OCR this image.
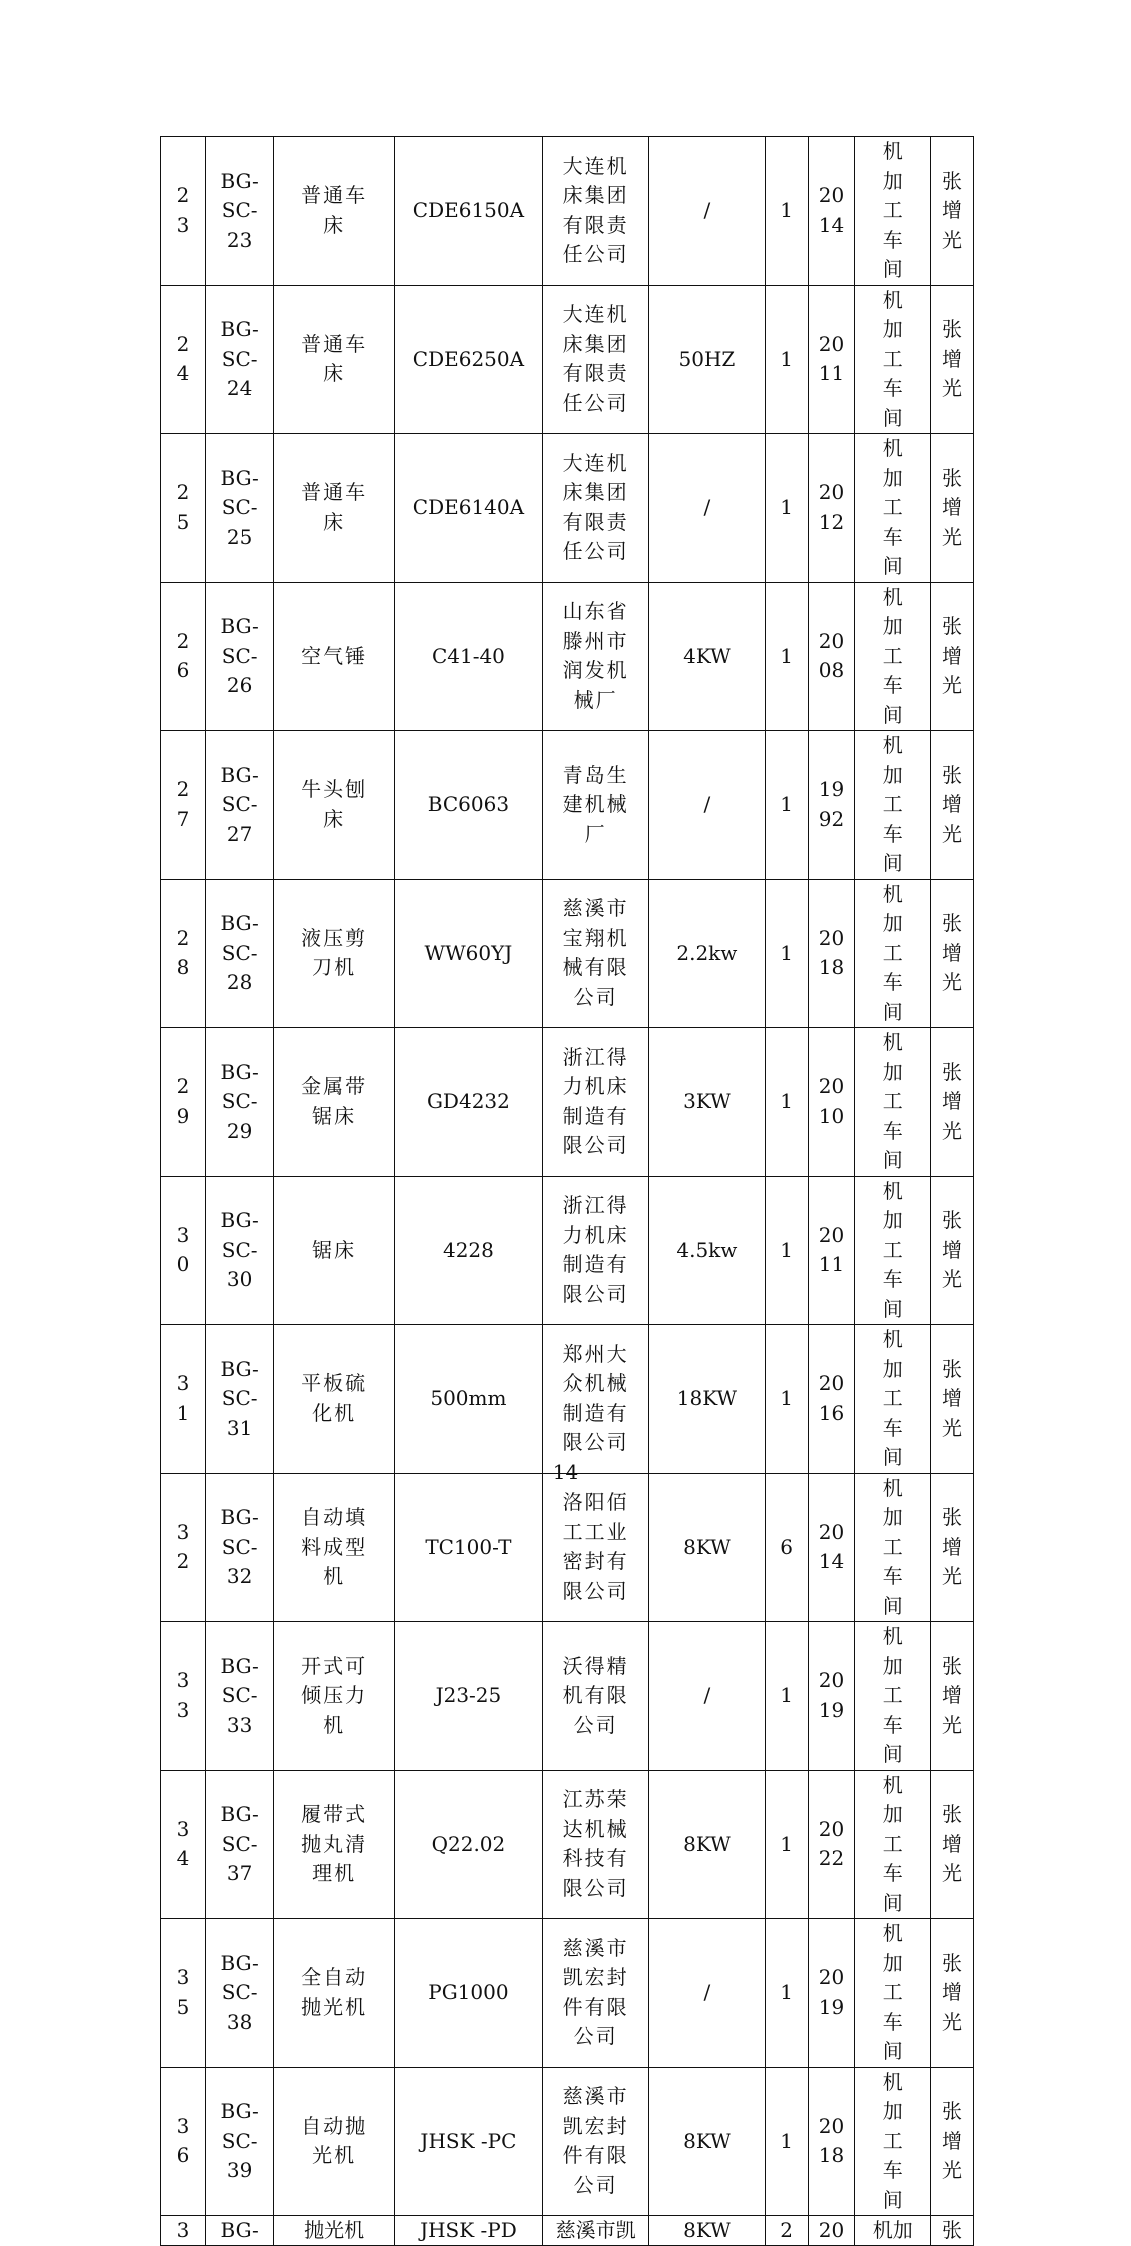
23	BG-SC-23	普通车床	CDE6150A	大连机床集团有限责任公司	/	1	2014	机加工车间	张增光
24	BG-SC-24	普通车床	CDE6250A	大连机床集团有限责任公司	50HZ	1	2011	机加工车间	张增光
25	BG-SC-25	普通车床	CDE6140A	大连机床集团有限责任公司	/	1	2012	机加工车间	张增光
26	BG-SC-26	空气锤	C41-40	山东省滕州市润发机械厂	4KW	1	2008	机加工车间	张增光
27	BG-SC-27	牛头刨床	BC6063	青岛生建机械厂	/	1	1992	机加工车间	张增光
28	BG-SC-28	液压剪刀机	WW60YJ	慈溪市宝翔机械有限公司	2.2kw	1	2018	机加工车间	张增光
29	BG-SC-29	金属带锯床	GD4232	浙江得力机床制造有限公司	3KW	1	2010	机加工车间	张增光
30	BG-SC-30	锯床	4228	浙江得力机床制造有限公司	4.5kw	1	2011	机加工车间	张增光
31	BG-SC-31	平板硫化机	500mm	郑州大众机械制造有限公司	18KW	1	2016	机加工车间	张增光
32	BG-SC-32	自动填料成型机	TC100-T	洛阳佰工工业密封有限公司	8KW	6	2014	机加工车间	张增光
33	BG-SC-33	开式可倾压力机	J23-25	沃得精机有限公司	/	1	2019	机加工车间	张增光
34	BG-SC-37	履带式抛丸清理机	Q22.02	江苏荣达机械科技有限公司	8KW	1	2022	机加工车间	张增光
35	BG-SC-38	全自动抛光机	PG1000	慈溪市凯宏封件有限公司	/	1	2019	机加工车间	张增光
36	BG-SC-39	自动抛光机	JHSK -PC	慈溪市凯宏封件有限公司	8KW	1	2018	机加工车间	张增光
3	BG-	抛光机	JHSK -PD	慈溪市凯	8KW	2	20	机加	张
14
